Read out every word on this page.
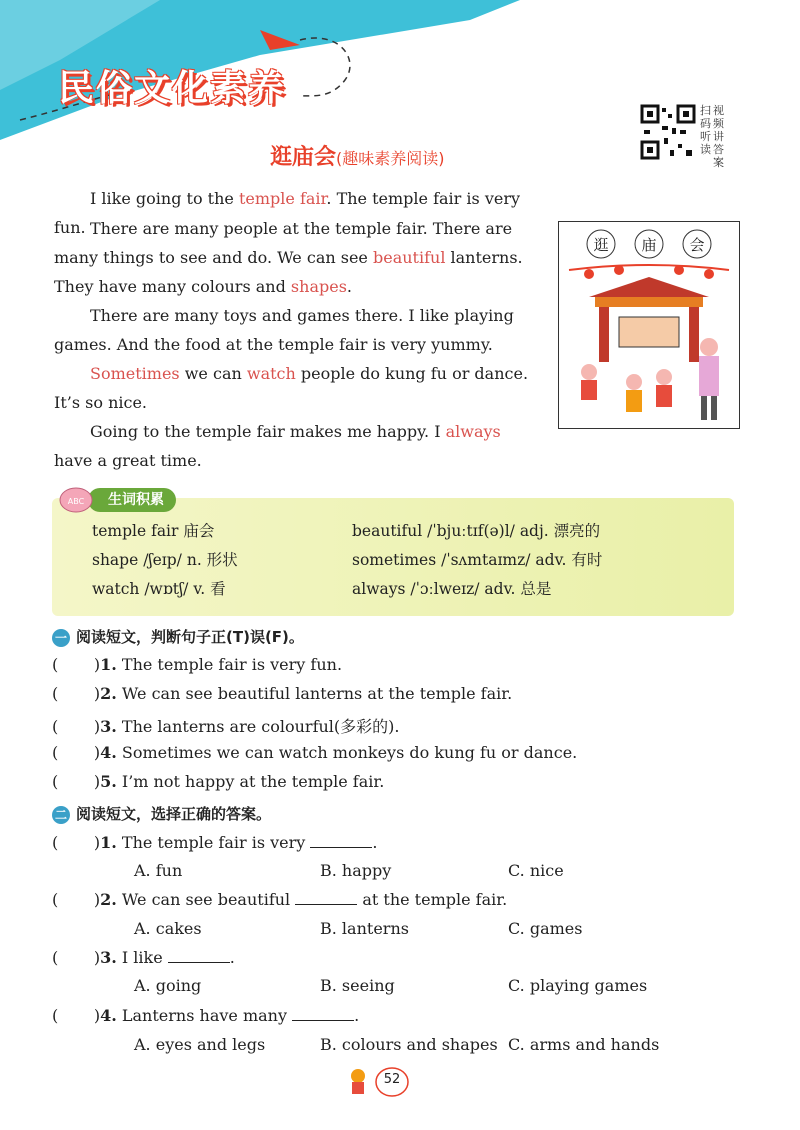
民俗文化素养
扫码听读视频讲答案
逛庙会(趣味素养阅读)

I like going to the temple fair. The temple fair is very fun. There are many people at the temple fair. There are many things to see and do. We can see beautiful lanterns. They have many colours and shapes.

There are many toys and games there. I like playing games. And the food at the temple fair is very yummy.

Sometimes we can watch people do kung fu or dance. It’s so nice.

Going to the temple fair makes me happy. I always have a great time.

逛 庙 会
生词积累
ABC
temple fair 庙会	beautiful /ˈbjuːtɪf(ə)l/ adj. 漂亮的
shape /ʃeɪp/ n. 形状	sometimes /ˈsʌmtaɪmz/ adv. 有时
watch /wɒtʃ/ v. 看	always /ˈɔːlweɪz/ adv. 总是
一 阅读短文，判断句子正(T)误(F)。
(       )1. The temple fair is very fun.
(       )2. We can see beautiful lanterns at the temple fair.
(       )3. The lanterns are colourful(多彩的).
(       )4. Sometimes we can watch monkeys do kung fu or dance.
(       )5. I’m not happy at the temple fair.
二 阅读短文，选择正确的答案。
(       )1. The temple fair is very	.
A. fun	B. happy	C. nice
(       )2. We can see beautiful	at the temple fair.
A. cakes	B. lanterns	C. games
(       )3. I like	.
A. going	B. seeing	C. playing games
(       )4. Lanterns have many	.
A. eyes and legs	B. colours and shapes C. arms and hands
52
